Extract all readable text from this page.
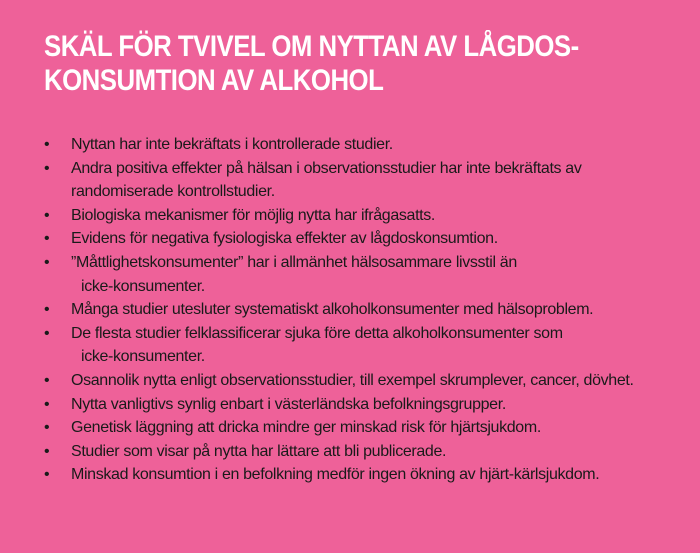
SKÄL FÖR TVIVEL OM NYTTAN AV LÅGDOS-
KONSUMTION AV ALKOHOL
•	Nyttan har inte bekräftats i kontrollerade studier.
•	Andra positiva effekter på hälsan i observationsstudier har inte bekräftats av
randomiserade kontrollstudier.
•	Biologiska mekanismer för möjlig nytta har ifrågasatts.
•	Evidens för negativa fysiologiska effekter av lågdoskonsumtion.
•	”Måttlighetskonsumenter” har i allmänhet hälsosammare livsstil än
icke-konsumenter.
•	Många studier utesluter systematiskt alkoholkonsumenter med hälsoproblem.
•	De flesta studier felklassificerar sjuka före detta alkoholkonsumenter som
icke-konsumenter.
•	Osannolik nytta enligt observationsstudier, till exempel skrumplever, cancer, dövhet.
•	Nytta vanligtivs synlig enbart i västerländska befolkningsgrupper.
•	Genetisk läggning att dricka mindre ger minskad risk för hjärtsjukdom.
•	Studier som visar på nytta har lättare att bli publicerade.
•	Minskad konsumtion i en befolkning medför ingen ökning av hjärt-kärlsjukdom.
